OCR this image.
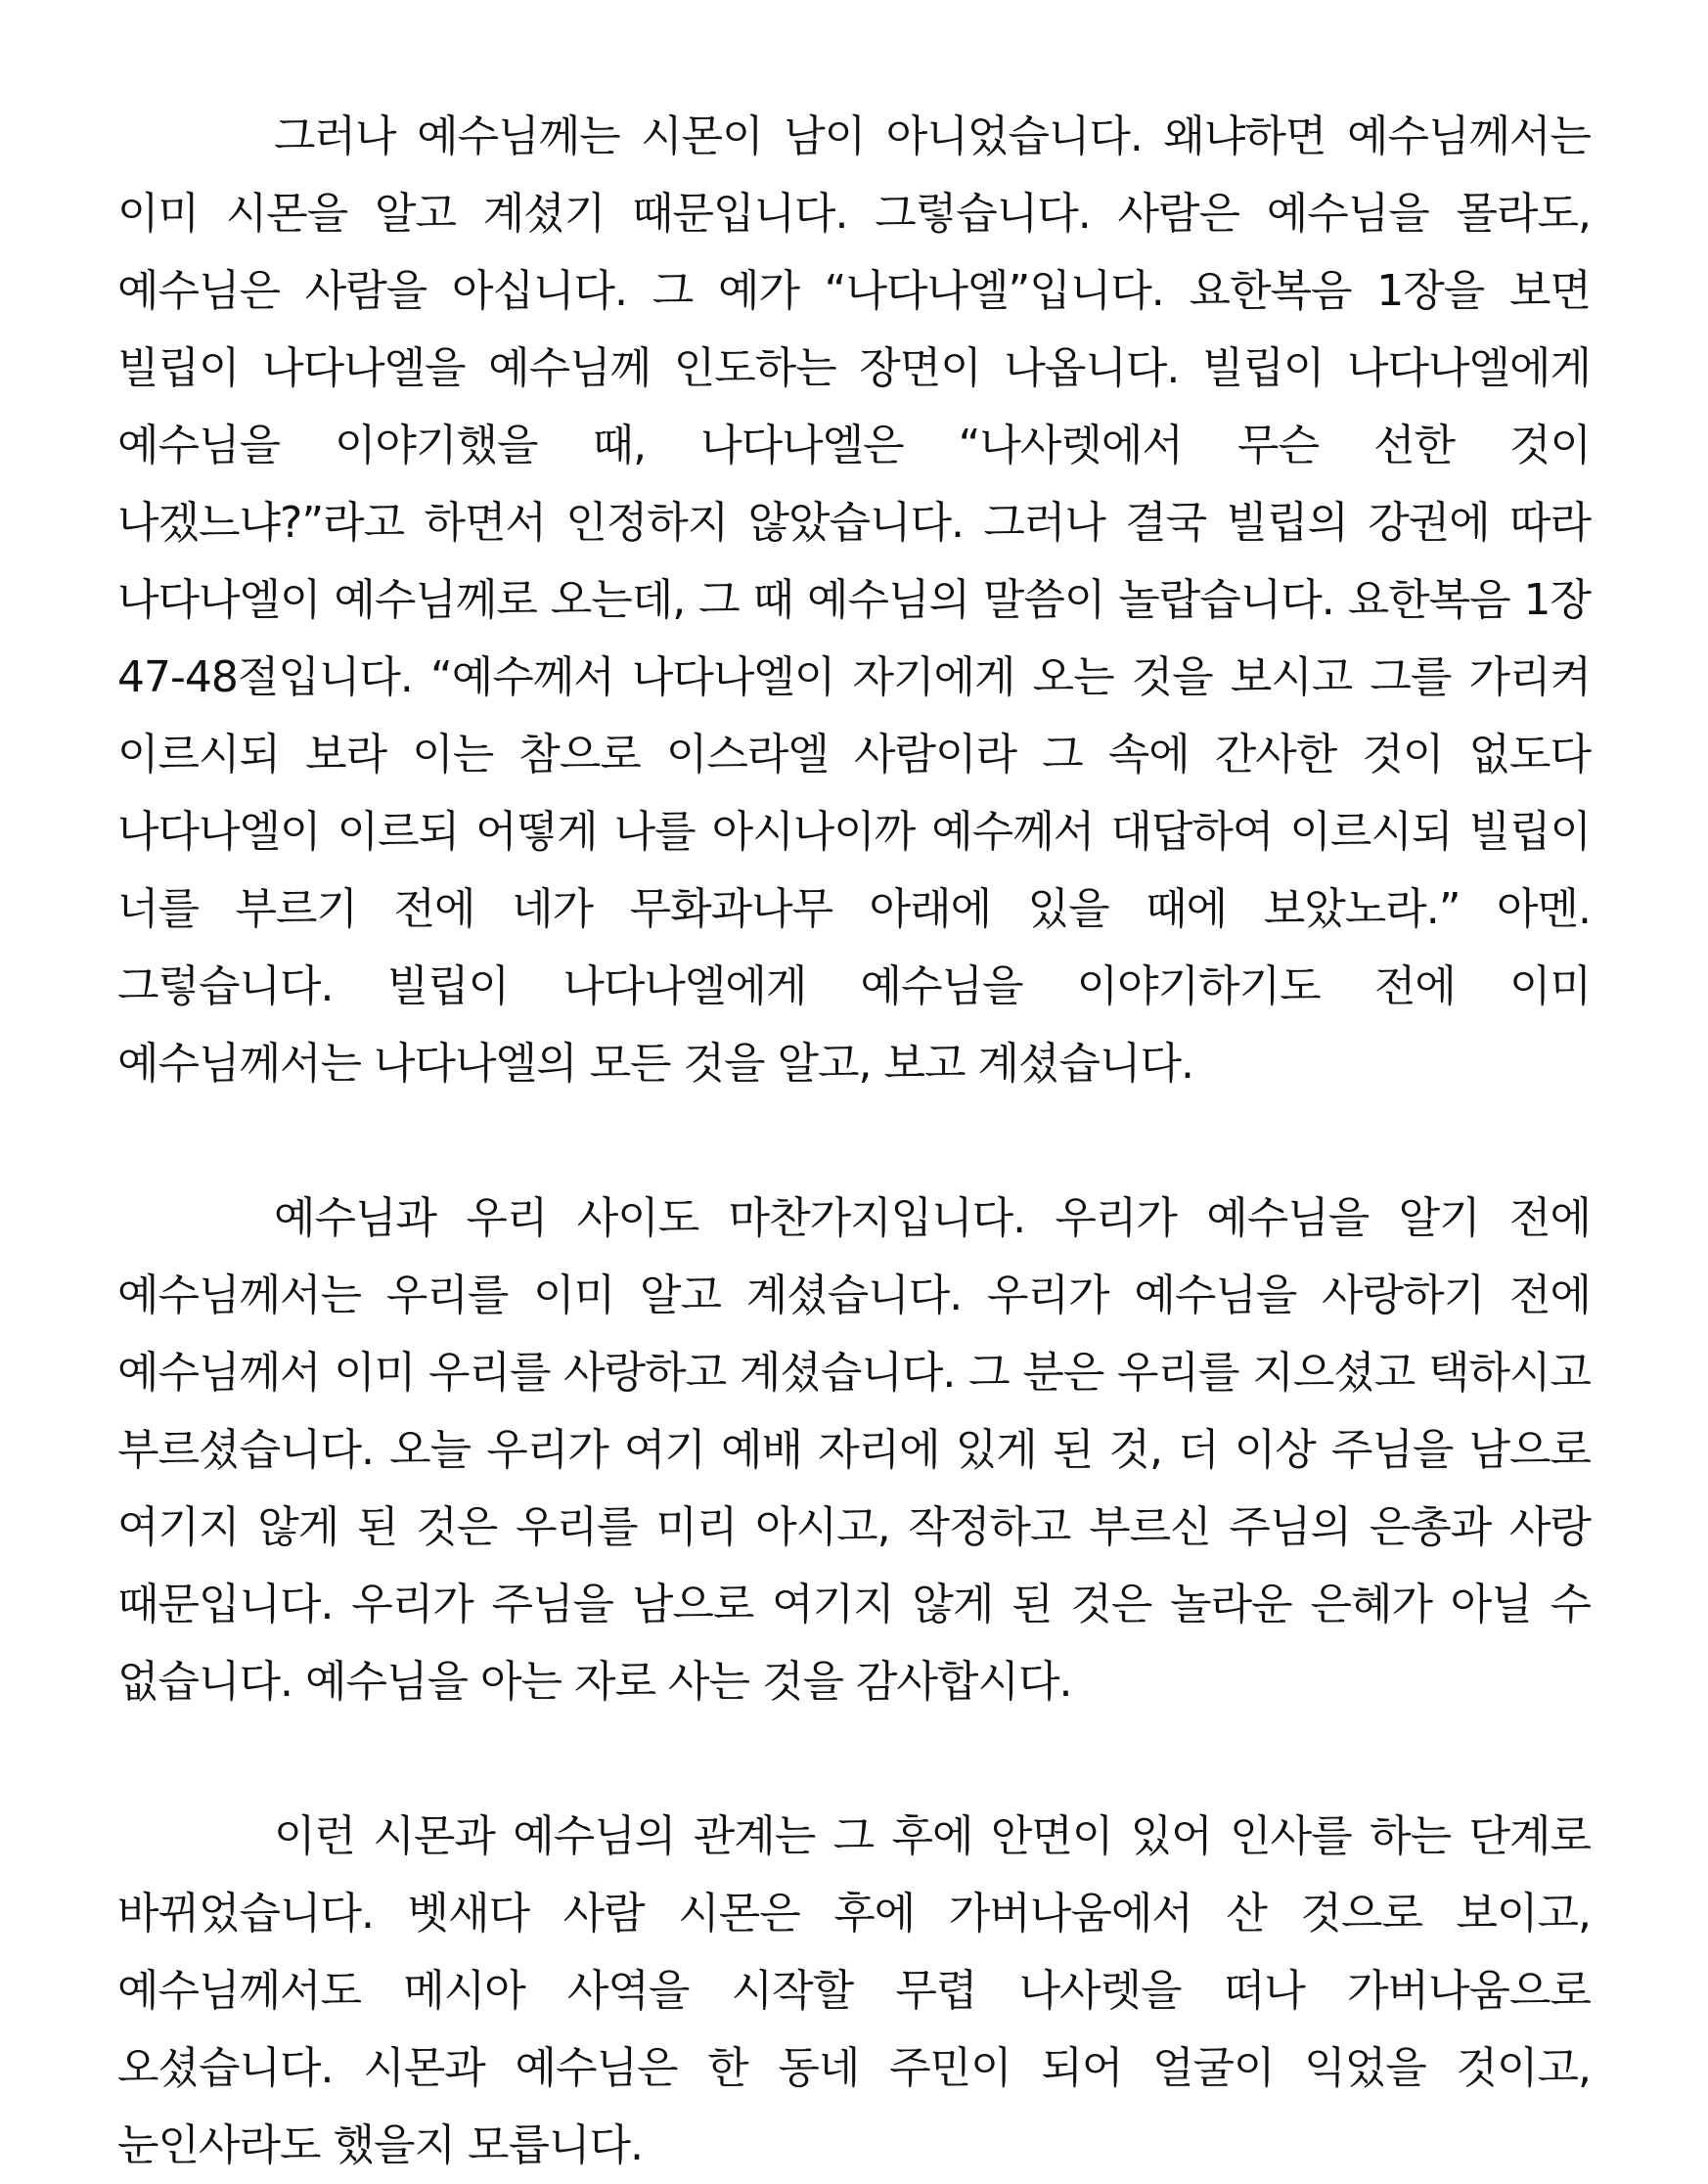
그러나 예수님께는 시몬이 남이 아니었습니다. 왜냐하면 예수님께서는 이미 시몬을 알고 계셨기 때문입니다. 그렇습니다. 사람은 예수님을 몰라도, 예수님은 사람을 아십니다. 그 예가 “나다나엘”입니다. 요한복음 1장을 보면 빌립이 나다나엘을 예수님께 인도하는 장면이 나옵니다. 빌립이 나다나엘에게 예수님을 이야기했을 때, 나다나엘은 “나사렛에서 무슨 선한 것이 나겠느냐?”라고 하면서 인정하지 않았습니다. 그러나 결국 빌립의 강권에 따라 나다나엘이 예수님께로 오는데, 그 때 예수님의 말씀이 놀랍습니다. 요한복음 1장 47-48절입니다. “예수께서 나다나엘이 자기에게 오는 것을 보시고 그를 가리켜 이르시되 보라 이는 참으로 이스라엘 사람이라 그 속에 간사한 것이 없도다 나다나엘이 이르되 어떻게 나를 아시나이까 예수께서 대답하여 이르시되 빌립이 너를 부르기 전에 네가 무화과나무 아래에 있을 때에 보았노라.” 아멘. 그렇습니다. 빌립이 나다나엘에게 예수님을 이야기하기도 전에 이미 예수님께서는 나다나엘의 모든 것을 알고, 보고 계셨습니다.

예수님과 우리 사이도 마찬가지입니다. 우리가 예수님을 알기 전에 예수님께서는 우리를 이미 알고 계셨습니다. 우리가 예수님을 사랑하기 전에 예수님께서 이미 우리를 사랑하고 계셨습니다. 그 분은 우리를 지으셨고 택하시고 부르셨습니다. 오늘 우리가 여기 예배 자리에 있게 된 것, 더 이상 주님을 남으로 여기지 않게 된 것은 우리를 미리 아시고, 작정하고 부르신 주님의 은총과 사랑 때문입니다. 우리가 주님을 남으로 여기지 않게 된 것은 놀라운 은혜가 아닐 수 없습니다. 예수님을 아는 자로 사는 것을 감사합시다.

이런 시몬과 예수님의 관계는 그 후에 안면이 있어 인사를 하는 단계로 바뀌었습니다. 벳새다 사람 시몬은 후에 가버나움에서 산 것으로 보이고, 예수님께서도 메시아 사역을 시작할 무렵 나사렛을 떠나 가버나움으로 오셨습니다. 시몬과 예수님은 한 동네 주민이 되어 얼굴이 익었을 것이고, 눈인사라도 했을지 모릅니다.
